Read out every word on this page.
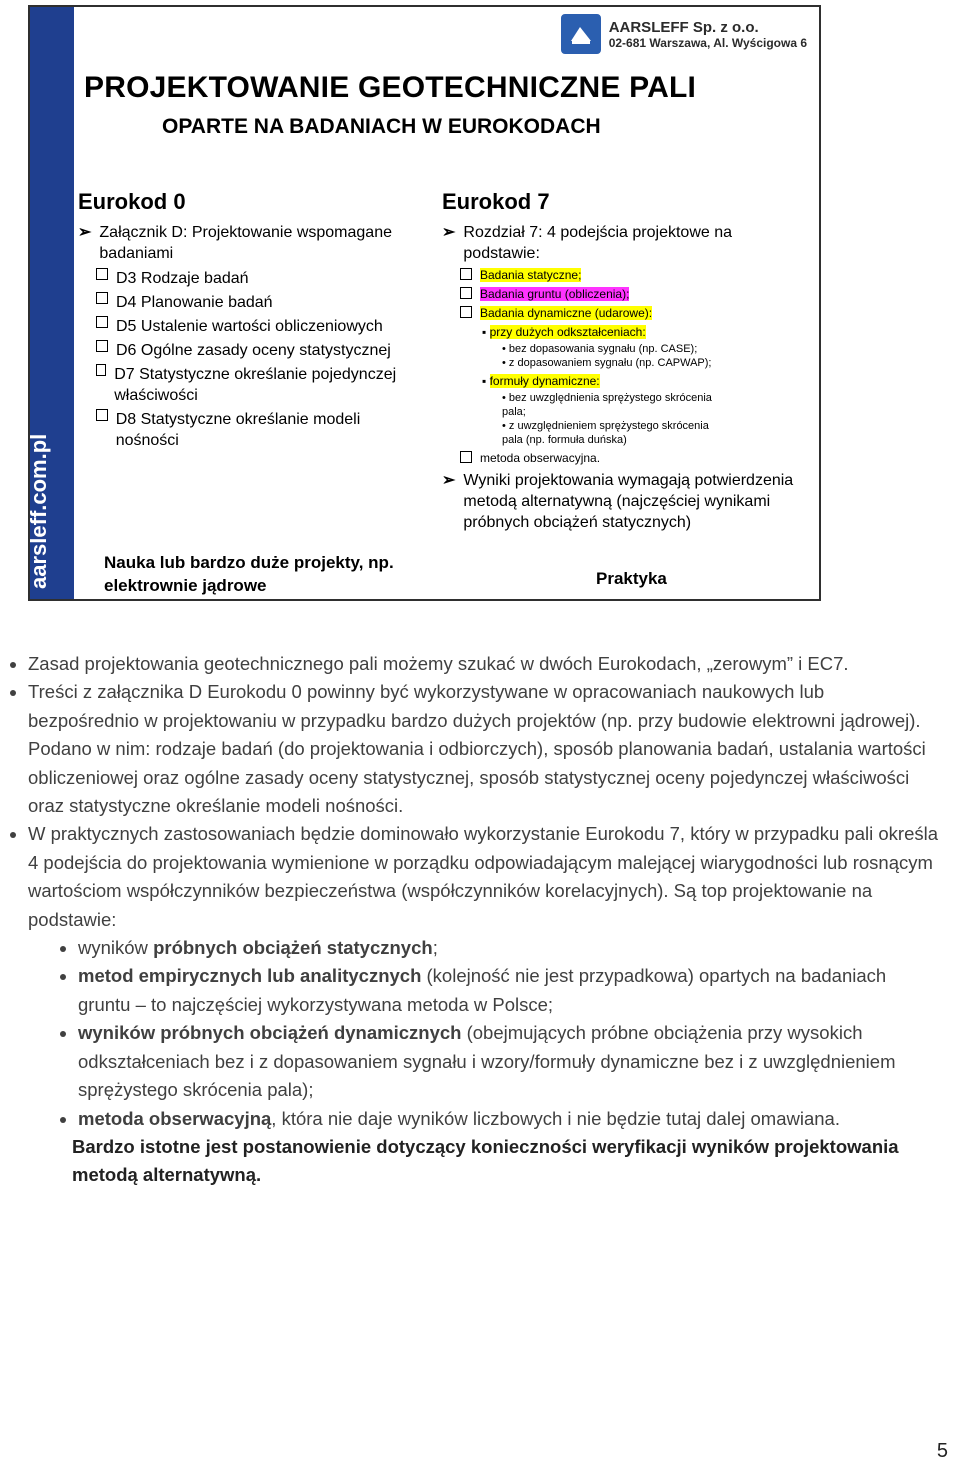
aarsleff.com.pl
AARSLEFF Sp. z o.o.
02-681 Warszawa, Al. Wyścigowa 6
PROJEKTOWANIE GEOTECHNICZNE PALI
OPARTE NA BADANIACH W EUROKODACH
Eurokod 0
➢ Załącznik D: Projektowanie wspomagane badaniami
D3 Rodzaje badań
D4 Planowanie badań
D5 Ustalenie wartości obliczeniowych
D6 Ogólne zasady oceny statystycznej
D7 Statystyczne określanie pojedynczej właściwości
D8 Statystyczne określanie modeli nośności
Nauka lub bardzo duże projekty, np. elektrownie jądrowe
Eurokod 7
➢ Rozdział 7: 4 podejścia projektowe na podstawie:
Badania statyczne;
Badania gruntu (obliczenia);
Badania dynamiczne (udarowe):
▪ przy dużych odkształceniach:
• bez dopasowania sygnału (np. CASE);
• z dopasowaniem sygnału (np. CAPWAP);
▪ formuły dynamiczne:
• bez uwzględnienia sprężystego skrócenia pala;
• z uwzględnieniem sprężystego skrócenia pala (np. formuła duńska)
metoda obserwacyjna.
➢ Wyniki projektowania wymagają potwierdzenia metodą alternatywną (najczęściej wynikami próbnych obciążeń statycznych)
Praktyka
• Zasad projektowania geotechnicznego pali możemy szukać w dwóch Eurokodach, „zerowym” i EC7.
• Treści z załącznika D Eurokodu 0 powinny być wykorzystywane w opracowaniach naukowych lub bezpośrednio w projektowaniu w przypadku bardzo dużych projektów (np. przy budowie elektrowni jądrowej). Podano w nim: rodzaje badań (do projektowania i odbiorczych), sposób planowania badań, ustalania wartości obliczeniowej oraz ogólne zasady oceny statystycznej, sposób statystycznej oceny pojedynczej właściwości oraz statystyczne określanie modeli nośności.
• W praktycznych zastosowaniach będzie dominowało wykorzystanie Eurokodu 7, który w przypadku pali określa 4 podejścia do projektowania wymienione w porządku odpowiadającym malejącej wiarygodności lub rosnącym wartościom współczynników bezpieczeństwa (współczynników korelacyjnych). Są top projektowanie na podstawie:
• wyników próbnych obciążeń statycznych;
• metod empirycznych lub analitycznych (kolejność nie jest przypadkowa) opartych na badaniach gruntu – to najczęściej wykorzystywana metoda w Polsce;
• wyników próbnych obciążeń dynamicznych (obejmujących próbne obciążenia przy wysokich odkształceniach bez i z dopasowaniem sygnału i wzory/formuły dynamiczne bez i z uwzględnieniem sprężystego skrócenia pala);
• metoda obserwacyjną, która nie daje wyników liczbowych i nie będzie tutaj dalej omawiana.
Bardzo istotne jest postanowienie dotyczący konieczności weryfikacji wyników projektowania metodą alternatywną.
5
